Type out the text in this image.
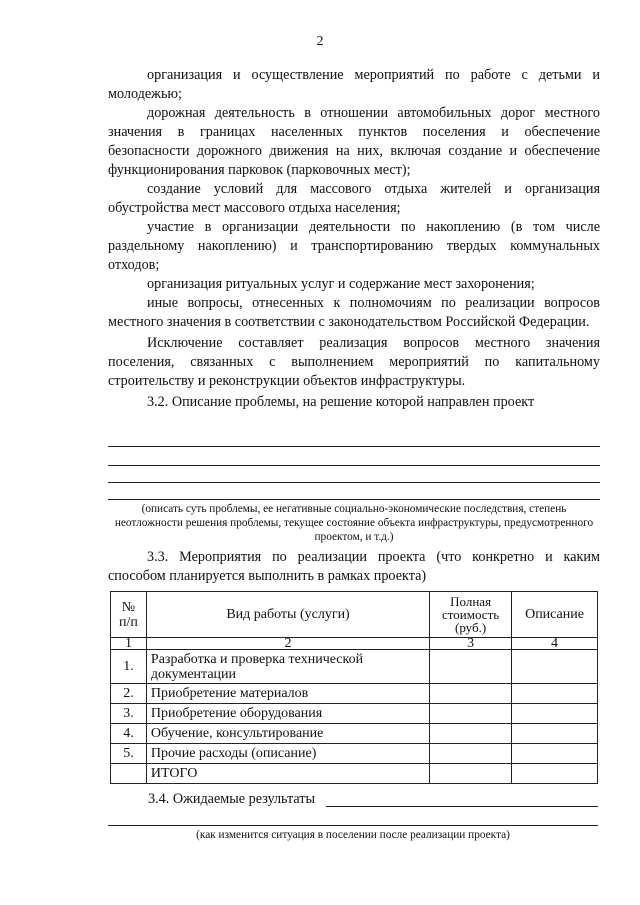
2

организация и осуществление мероприятий по работе с детьми и молодежью;

дорожная деятельность в отношении автомобильных дорог местного значения в границах населенных пунктов поселения и обеспечение безопасности дорожного движения на них, включая создание и обеспечение функционирования парковок (парковочных мест);

создание условий для массового отдыха жителей и организация обустройства мест массового отдыха населения;

участие в организации деятельности по накоплению (в том числе раздельному накоплению) и транспортированию твердых коммунальных отходов;

организация ритуальных услуг и содержание мест захоронения;

иные вопросы, отнесенных к полномочиям по реализации вопросов местного значения в соответствии с законодательством Российской Федерации.

Исключение составляет реализация вопросов местного значения поселения, связанных с выполнением мероприятий по капитальному строительству и реконструкции объектов инфраструктуры.

3.2. Описание проблемы, на решение которой направлен проект

(описать суть проблемы, ее негативные социально-экономические последствия, степень неотложности решения проблемы, текущее состояние объекта инфраструктуры, предусмотренного проектом, и т.д.)

3.3. Мероприятия по реализации проекта (что конкретно и каким способом планируется выполнить в рамках проекта)

№ п/п	Вид работы (услуги)	Полная стоимость (руб.)	Описание
1	2	3	4
1.	Разработка и проверка технической документации		
2.	Приобретение материалов		
3.	Приобретение оборудования		
4.	Обучение, консультирование		
5.	Прочие расходы (описание)		
	ИТОГО		
3.4. Ожидаемые результаты
(как изменится ситуация в поселении после реализации проекта)
